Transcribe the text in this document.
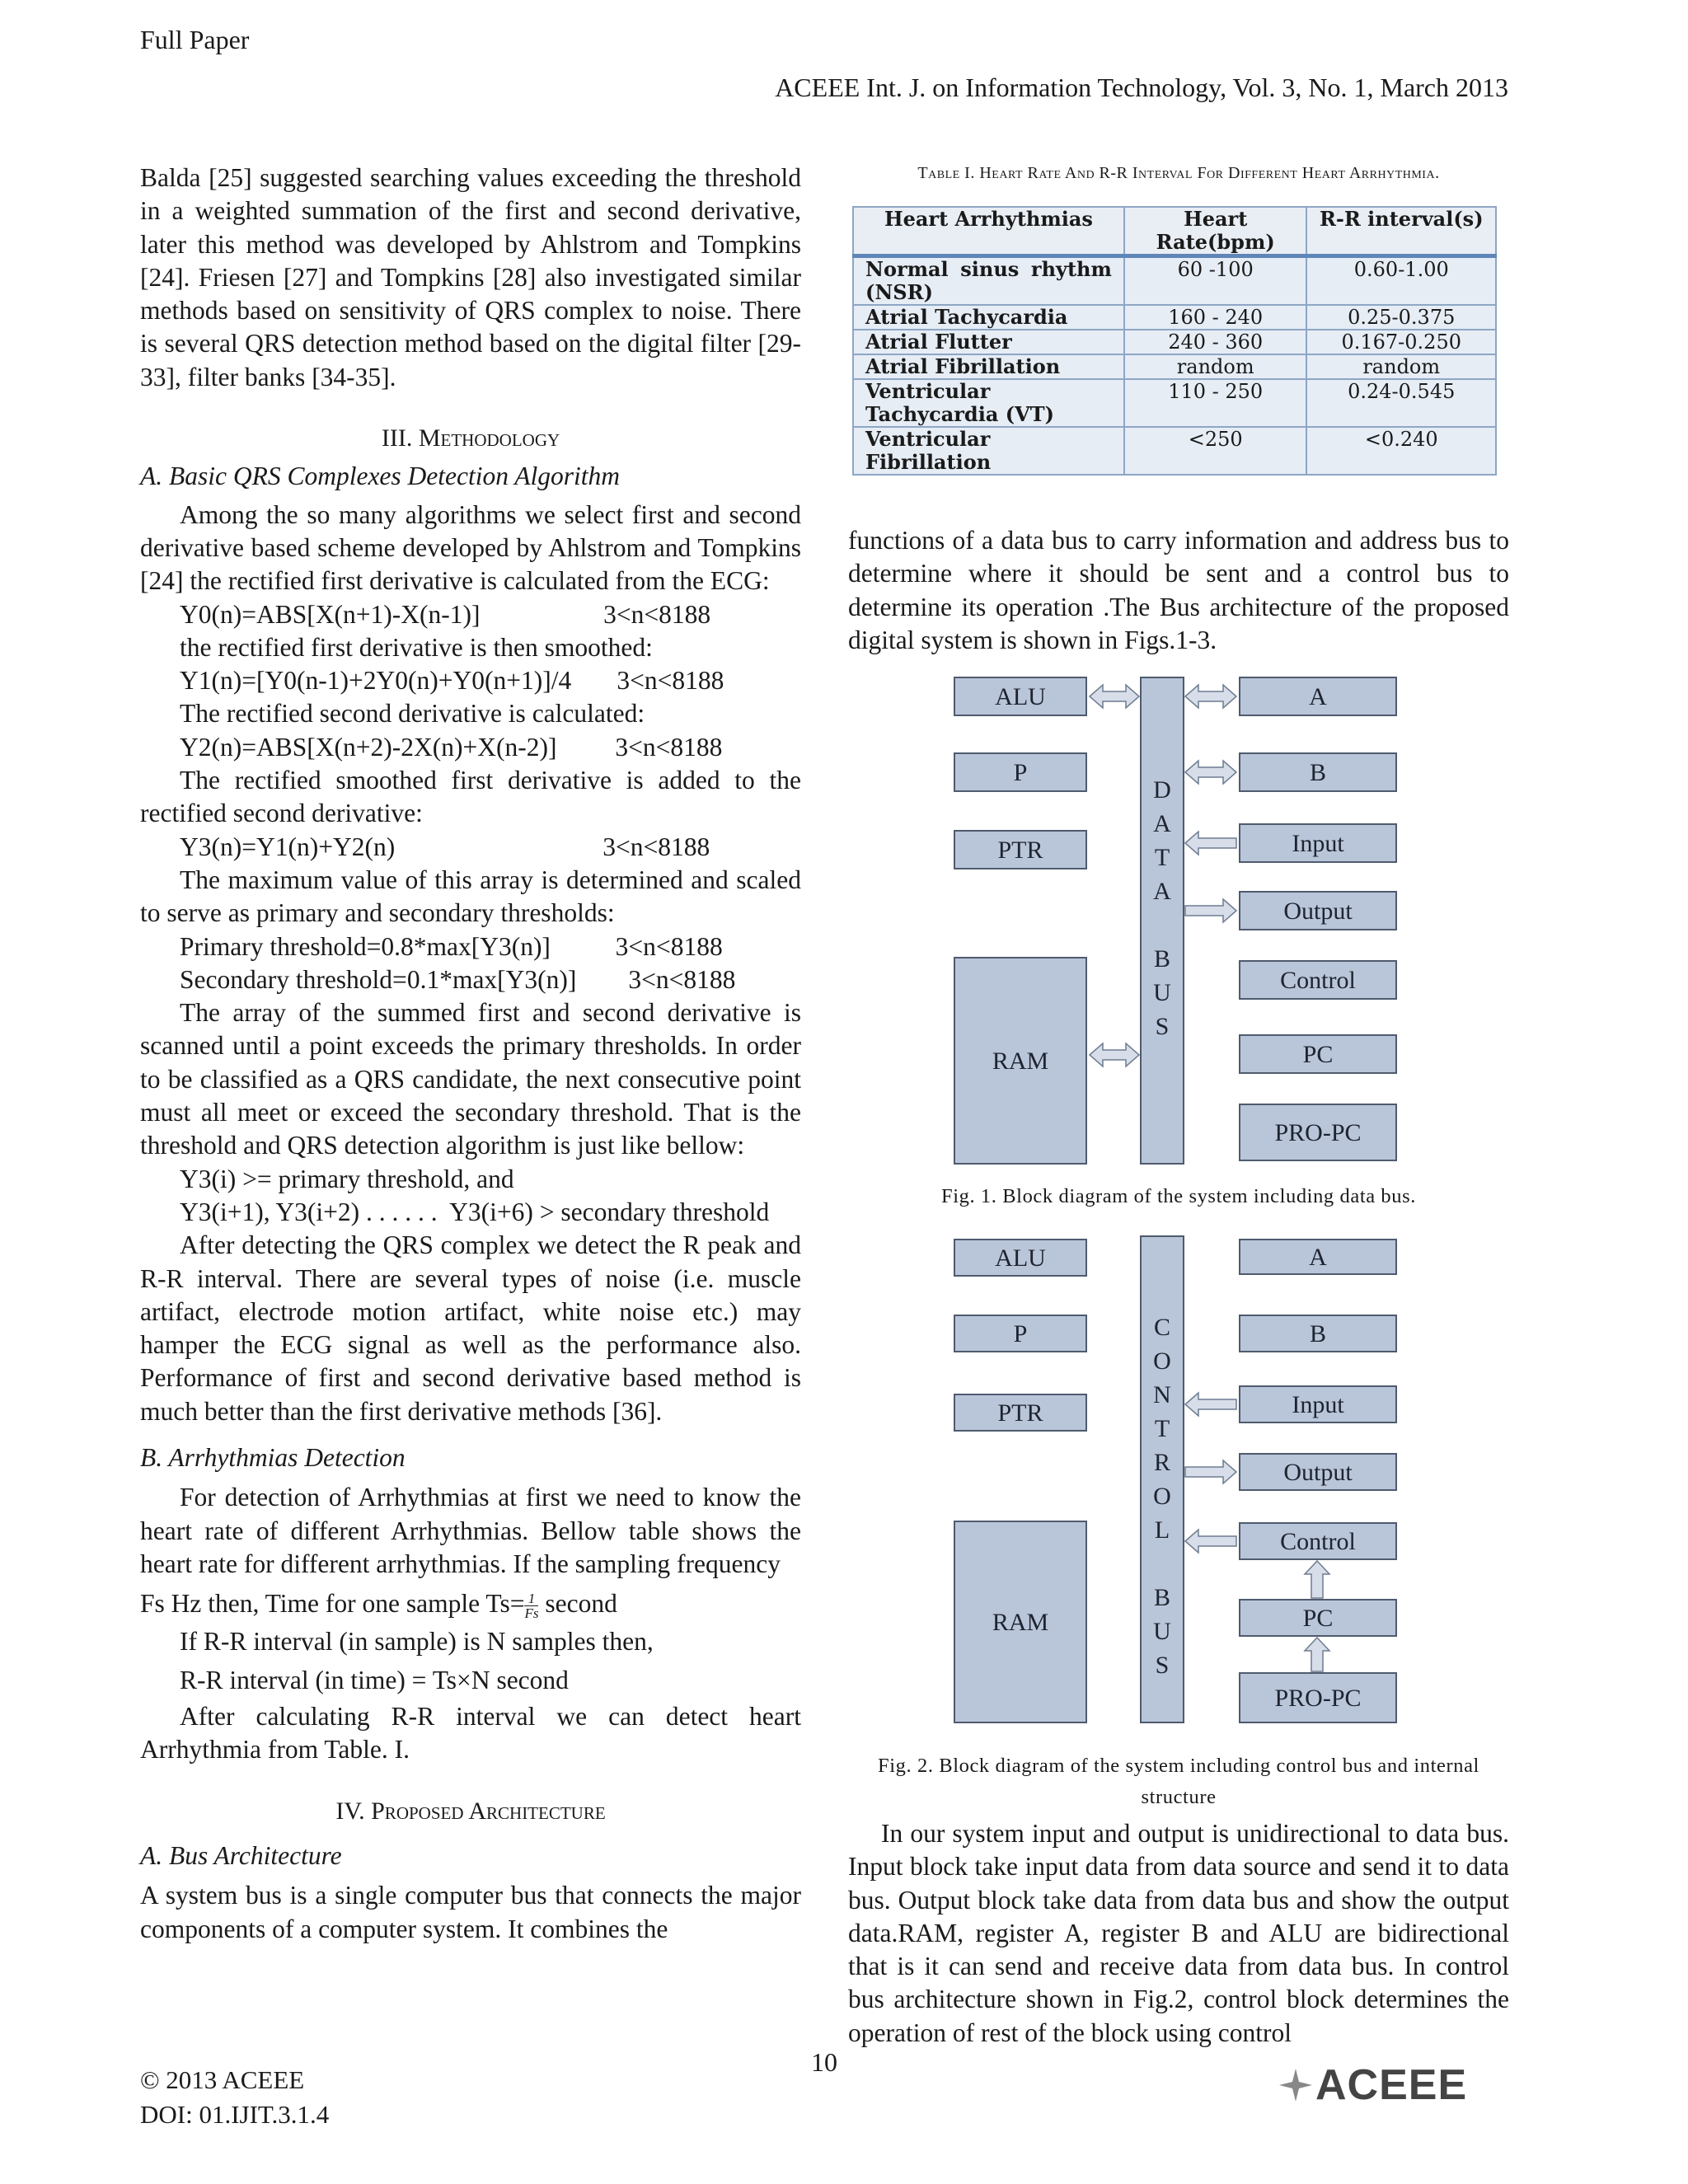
Full Paper
ACEEE Int. J. on Information Technology, Vol. 3, No. 1, March 2013

Balda [25] suggested searching values exceeding the threshold in a weighted summation of the first and second derivative, later this method was developed by Ahlstrom and Tompkins [24]. Friesen [27] and Tompkins [28] also investigated similar methods based on sensitivity of QRS complex to noise. There is several QRS detection method based on the digital filter [29-33], filter banks [34-35].

III. Methodology

A. Basic QRS Complexes Detection Algorithm

Among the so many algorithms we select first and second derivative based scheme developed by Ahlstrom and Tompkins [24] the rectified first derivative is calculated from the ECG:

Y0(n)=ABS[X(n+1)-X(n-1)]                   3<n<8188

the rectified first derivative is then smoothed:

Y1(n)=[Y0(n-1)+2Y0(n)+Y0(n+1)]/4       3<n<8188

The rectified second derivative is calculated:

Y2(n)=ABS[X(n+2)-2X(n)+X(n-2)]         3<n<8188

The rectified smoothed first derivative is added to the rectified second derivative:

Y3(n)=Y1(n)+Y2(n)                                3<n<8188

The maximum value of this array is determined and scaled to serve as primary and secondary thresholds:

Primary threshold=0.8*max[Y3(n)]          3<n<8188

Secondary threshold=0.1*max[Y3(n)]        3<n<8188

The array of the summed first and second derivative is scanned until a point exceeds the primary thresholds. In order to be classified as a QRS candidate, the next consecutive point must all meet or exceed the secondary threshold. That is the threshold and QRS detection algorithm is just like bellow:

Y3(i) >= primary threshold, and

Y3(i+1), Y3(i+2) . . . . . .  Y3(i+6) > secondary threshold

After detecting the QRS complex we detect the R peak and R-R interval. There are several types of noise (i.e. muscle artifact, electrode motion artifact, white noise etc.) may hamper the ECG signal as well as the performance also. Performance of first and second derivative based method is much better than the first derivative methods [36].

B. Arrhythmias Detection

For detection of Arrhythmias at first we need to know the heart rate of different Arrhythmias. Bellow table shows the heart rate for different arrhythmias. If the sampling frequency

Fs Hz then, Time for one sample $Ts= \frac{1}{Fs}$ second

If R-R interval (in sample) is N samples then,

R-R interval (in time) = Ts×N second

After calculating R-R interval we can detect heart Arrhythmia from Table. I.

IV. Proposed Architecture

A. Bus Architecture

A system bus is a single computer bus that connects the major components of a computer system. It combines the

Table I. Heart Rate And R-R Interval For Different Heart Arrhythmia.
Heart Arrhythmias	Heart Rate(bpm)	R-R interval(s)
Normal sinus rhythm (NSR)	60 -100	0.60-1.00
Atrial Tachycardia	160 - 240	0.25-0.375
Atrial Flutter	240 - 360	0.167-0.250
Atrial Fibrillation	random	random
Ventricular Tachycardia (VT)	110 - 250	0.24-0.545
Ventricular Fibrillation	<250	<0.240

functions of a data bus to carry information and address bus to determine where it should be sent and a control bus to determine its operation .The Bus architecture of the proposed digital system is shown in Figs.1-3.

D
A
T
A
B
U
S
ALU
P
PTR
RAM
A
B
Input
Output
Control
PC
PRO-PC
Fig. 1. Block diagram of the system including data bus.
C
O
N
T
R
O
L
B
U
S
ALU
P
PTR
RAM
A
B
Input
Output
Control
PC
PRO-PC
Fig. 2. Block diagram of the system including control bus and internal structure

In our system input and output is unidirectional to data bus. Input block take input data from data source and send it to data bus. Output block take data from data bus and show the output data.RAM, register A, register B and ALU are bidirectional that is it can send and receive data from data bus. In control bus architecture shown in Fig.2, control block determines the operation of rest of the block using control

10
© 2013 ACEEE
DOI: 01.IJIT.3.1.4
ACEEE
